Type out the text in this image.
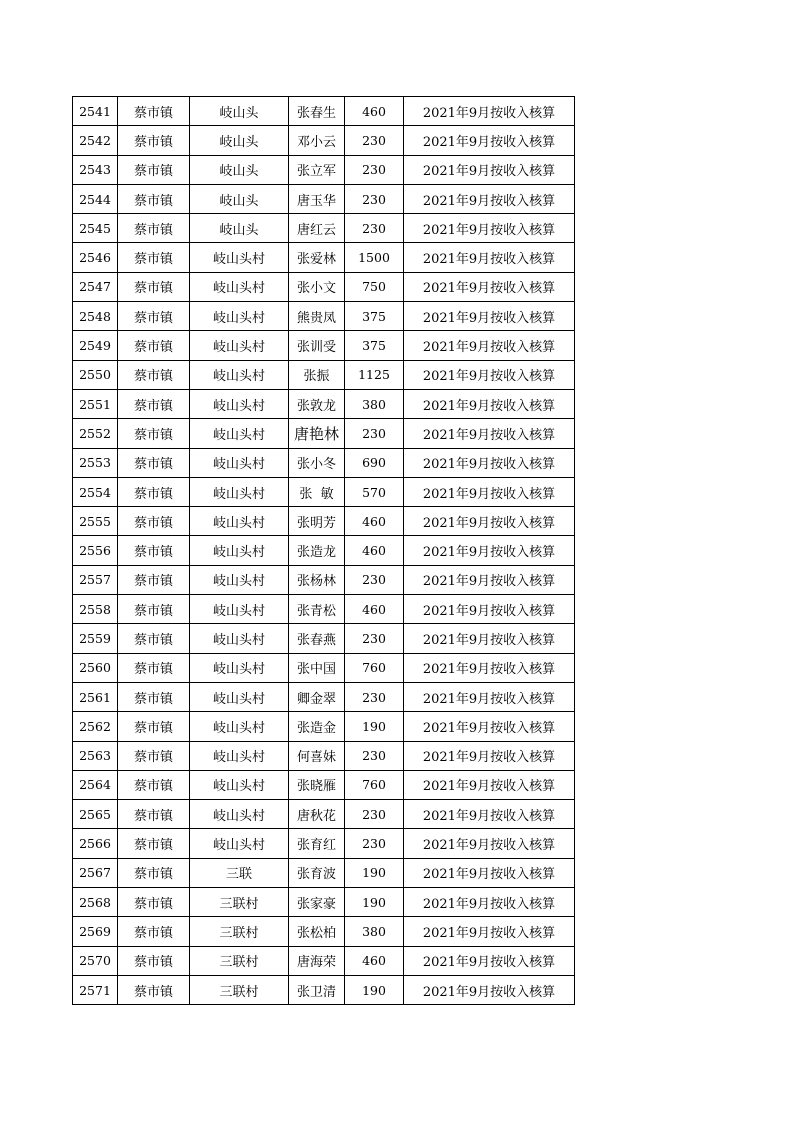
2541	蔡市镇	岐山头	张春生	460	2021年9月按收入核算
2542	蔡市镇	岐山头	邓小云	230	2021年9月按收入核算
2543	蔡市镇	岐山头	张立军	230	2021年9月按收入核算
2544	蔡市镇	岐山头	唐玉华	230	2021年9月按收入核算
2545	蔡市镇	岐山头	唐红云	230	2021年9月按收入核算
2546	蔡市镇	岐山头村	张爱林	1500	2021年9月按收入核算
2547	蔡市镇	岐山头村	张小文	750	2021年9月按收入核算
2548	蔡市镇	岐山头村	熊贵凤	375	2021年9月按收入核算
2549	蔡市镇	岐山头村	张训受	375	2021年9月按收入核算
2550	蔡市镇	岐山头村	张振	1125	2021年9月按收入核算
2551	蔡市镇	岐山头村	张敦龙	380	2021年9月按收入核算
2552	蔡市镇	岐山头村	唐艳林	230	2021年9月按收入核算
2553	蔡市镇	岐山头村	张小冬	690	2021年9月按收入核算
2554	蔡市镇	岐山头村	张  敏	570	2021年9月按收入核算
2555	蔡市镇	岐山头村	张明芳	460	2021年9月按收入核算
2556	蔡市镇	岐山头村	张造龙	460	2021年9月按收入核算
2557	蔡市镇	岐山头村	张杨林	230	2021年9月按收入核算
2558	蔡市镇	岐山头村	张青松	460	2021年9月按收入核算
2559	蔡市镇	岐山头村	张春燕	230	2021年9月按收入核算
2560	蔡市镇	岐山头村	张中国	760	2021年9月按收入核算
2561	蔡市镇	岐山头村	卿金翠	230	2021年9月按收入核算
2562	蔡市镇	岐山头村	张造金	190	2021年9月按收入核算
2563	蔡市镇	岐山头村	何喜妹	230	2021年9月按收入核算
2564	蔡市镇	岐山头村	张晓雁	760	2021年9月按收入核算
2565	蔡市镇	岐山头村	唐秋花	230	2021年9月按收入核算
2566	蔡市镇	岐山头村	张育红	230	2021年9月按收入核算
2567	蔡市镇	三联	张育波	190	2021年9月按收入核算
2568	蔡市镇	三联村	张家豪	190	2021年9月按收入核算
2569	蔡市镇	三联村	张松柏	380	2021年9月按收入核算
2570	蔡市镇	三联村	唐海荣	460	2021年9月按收入核算
2571	蔡市镇	三联村	张卫清	190	2021年9月按收入核算
